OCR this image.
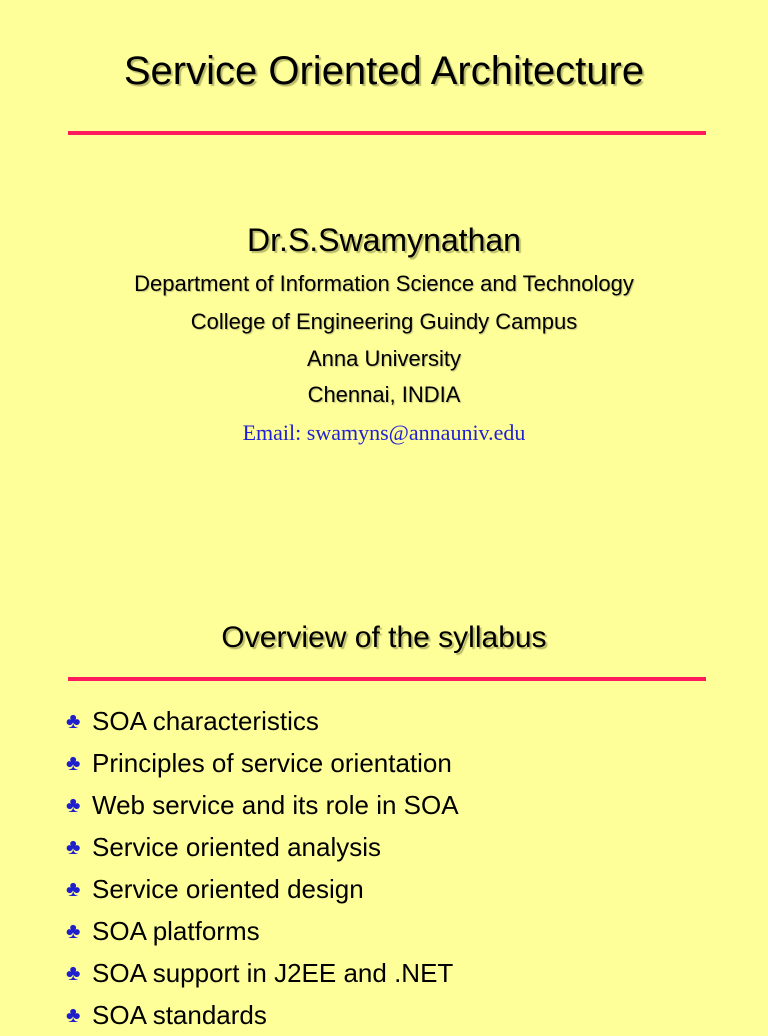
Service Oriented Architecture
Dr.S.Swamynathan
Department of Information Science and Technology
College of Engineering Guindy Campus
Anna University
Chennai, INDIA
Email: swamyns@annauniv.edu
Overview of the syllabus
♣ SOA characteristics
♣ Principles of service orientation
♣ Web service and its role in SOA
♣ Service oriented analysis
♣ Service oriented design
♣ SOA platforms
♣ SOA support in J2EE and .NET
♣ SOA standards
